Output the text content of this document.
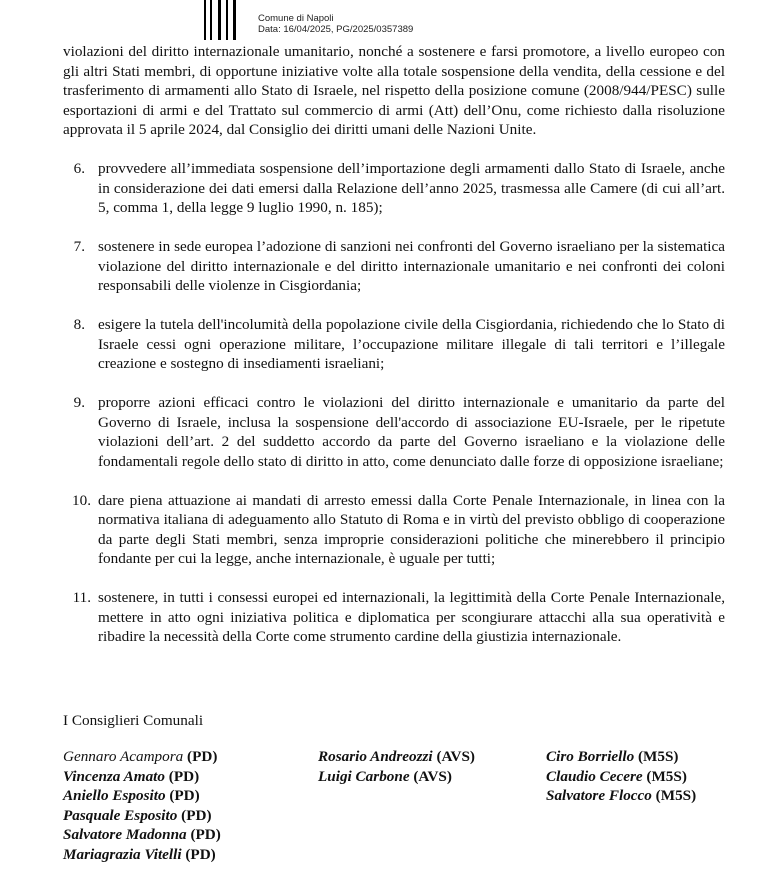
Comune di Napoli
Data: 16/04/2025, PG/2025/0357389

violazioni del diritto internazionale umanitario, nonché a sostenere e farsi promotore, a livello europeo con gli altri Stati membri, di opportune iniziative volte alla totale sospensione della vendita, della cessione e del trasferimento di armamenti allo Stato di Israele, nel rispetto della posizione comune (2008/944/PESC) sulle esportazioni di armi e del Trattato sul commercio di armi (Att) dell’Onu, come richiesto dalla risoluzione approvata il 5 aprile 2024, dal Consiglio dei diritti umani delle Nazioni Unite.

6. provvedere all’immediata sospensione dell’importazione degli armamenti dallo Stato di Israele, anche in considerazione dei dati emersi dalla Relazione dell’anno 2025, trasmessa alle Camere (di cui all’art. 5, comma 1, della legge 9 luglio 1990, n. 185);
7. sostenere in sede europea l’adozione di sanzioni nei confronti del Governo israeliano per la sistematica violazione del diritto internazionale e del diritto internazionale umanitario e nei confronti dei coloni responsabili delle violenze in Cisgiordania;
8. esigere la tutela dell'incolumità della popolazione civile della Cisgiordania, richiedendo che lo Stato di Israele cessi ogni operazione militare, l’occupazione militare illegale di tali territori e l’illegale creazione e sostegno di insediamenti israeliani;
9. proporre azioni efficaci contro le violazioni del diritto internazionale e umanitario da parte del Governo di Israele, inclusa la sospensione dell'accordo di associazione EU-Israele, per le ripetute violazioni dell’art. 2 del suddetto accordo da parte del Governo israeliano e la violazione delle fondamentali regole dello stato di diritto in atto, come denunciato dalle forze di opposizione israeliane;
10. dare piena attuazione ai mandati di arresto emessi dalla Corte Penale Internazionale, in linea con la normativa italiana di adeguamento allo Statuto di Roma e in virtù del previsto obbligo di cooperazione da parte degli Stati membri, senza improprie considerazioni politiche che minerebbero il principio fondante per cui la legge, anche internazionale, è uguale per tutti;
11. sostenere, in tutti i consessi europei ed internazionali, la legittimità della Corte Penale Internazionale, mettere in atto ogni iniziativa politica e diplomatica per scongiurare attacchi alla sua operatività e ribadire la necessità della Corte come strumento cardine della giustizia internazionale.
I Consiglieri Comunali
Gennaro Acampora (PD)
Vincenza Amato (PD)
Aniello Esposito (PD)
Pasquale Esposito (PD)
Salvatore Madonna (PD)
Mariagrazia Vitelli (PD)
Rosario Andreozzi (AVS)
Luigi Carbone (AVS)
Ciro Borriello (M5S)
Claudio Cecere (M5S)
Salvatore Flocco (M5S)
